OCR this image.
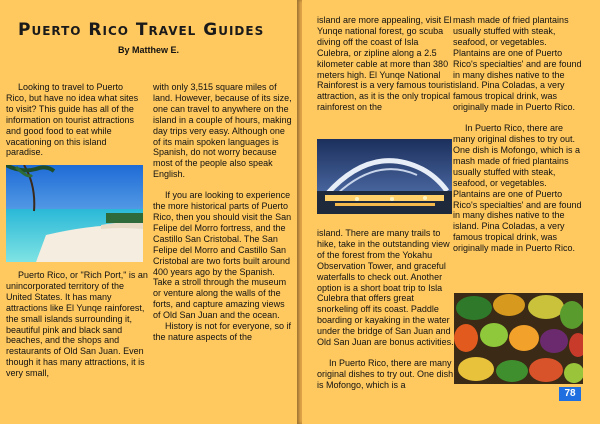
Puerto Rico Travel Guides
By Matthew E.

Looking to travel to Puerto Rico, but have no idea what sites to visit? This guide has all of the information on tourist attractions and good food to eat while vacationing on this island paradise.

Puerto Rico, or "Rich Port," is an unincorporated territory of the United States. It has many attractions like El Yunqe rainforest, the small islands surrounding it, beautiful pink and black sand beaches, and the shops and restaurants of Old San Juan. Even though it has many attractions, it is very small,

with only 3,515 square miles of land. However, because of its size, one can travel to anywhere on the island in a couple of hours, making day trips very easy. Although one of its main spoken languages is Spanish, do not worry because most of the people also speak English.

If you are looking to experience the more historical parts of Puerto Rico, then you should visit the San Felipe del Morro fortress, and the Castillo San Cristobal. The San Felipe del Morro and Castillo San Cristobal are two forts built around 400 years ago by the Spanish. Take a stroll through the museum or venture along the walls of the forts, and capture amazing views of Old San Juan and the ocean.

History is not for everyone, so if the nature aspects of the

island are more appealing, visit El Yunqe national forest, go scuba diving off the coast of Isla Culebra, or zipline along a 2.5 kilometer cable at more than 380 meters high. El Yunqe National Rainforest is a very famous tourist attraction, as it is the only tropical rainforest on the

island. There are many trails to hike, take in the outstanding view of the forest from the Yokahu Observation Tower, and graceful waterfalls to check out. Another option is a short boat trip to Isla Culebra that offers great snorkeling off its coast. Paddle boarding or kayaking in the water under the bridge of San Juan and Old San Juan are bonus activities.

In Puerto Rico, there are many original dishes to try out. One dish is Mofongo, which is a

mash made of fried plantains usually stuffed with steak, seafood, or vegetables. Plantains are one of Puerto Rico's specialties' and are found in many dishes native to the island. Pina Coladas, a very famous tropical drink, was originally made in Puerto Rico.

In Puerto Rico, there are many original dishes to try out. One dish is Mofongo, which is a mash made of fried plantains usually stuffed with steak, seafood, or vegetables. Plantains are one of Puerto Rico's specialties' and are found in many dishes native to the island. Pina Coladas, a very famous tropical drink, was originally made in Puerto Rico.

78
